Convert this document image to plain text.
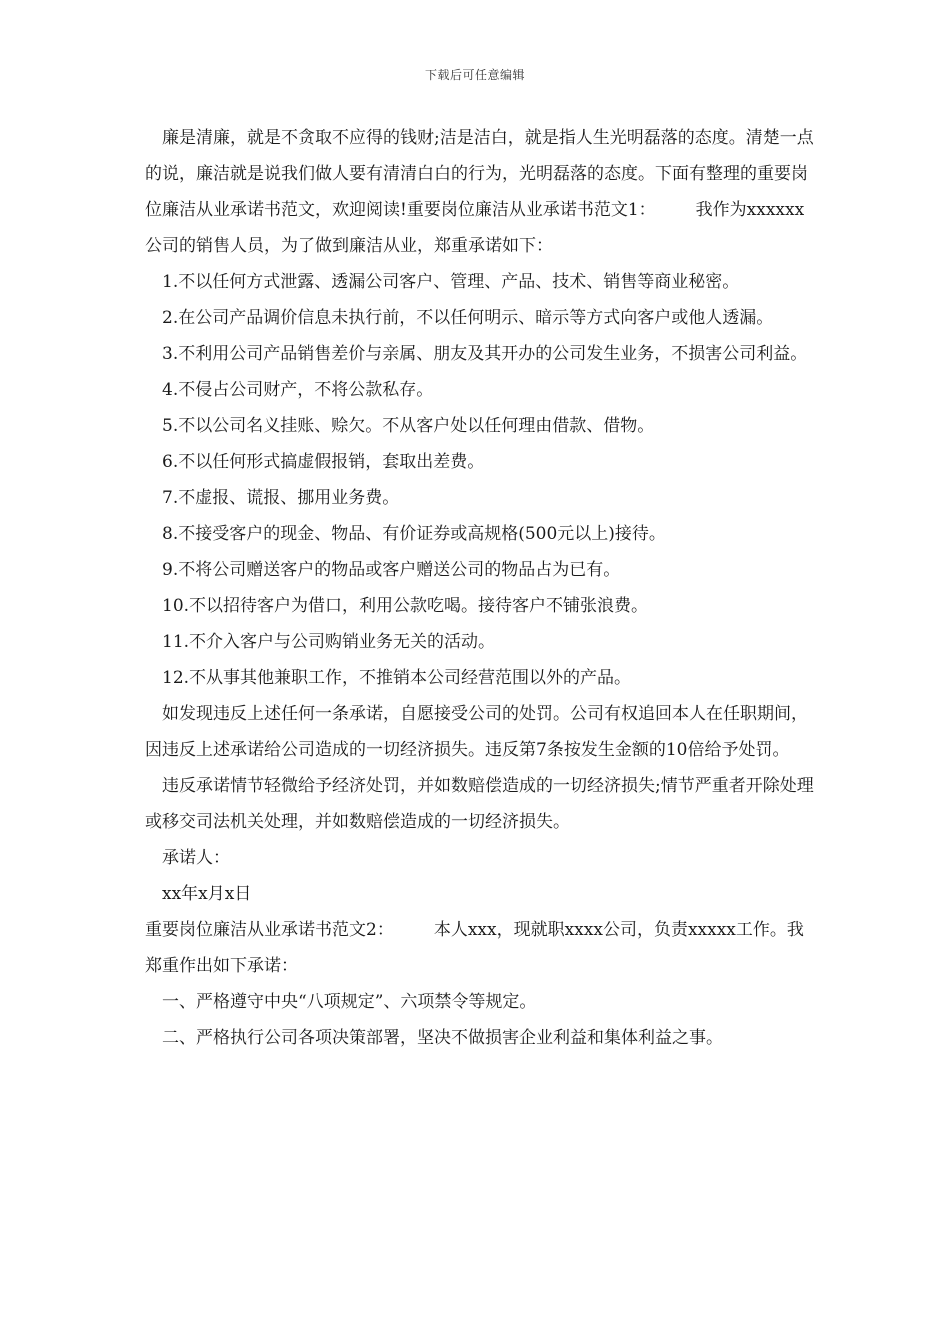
下载后可任意编辑

廉是清廉，就是不贪取不应得的钱财;洁是洁白，就是指人生光明磊落的态度。清楚一点的说，廉洁就是说我们做人要有清清白白的行为，光明磊落的态度。下面有整理的重要岗位廉洁从业承诺书范文，欢迎阅读!重要岗位廉洁从业承诺书范文1： 我作为xxxxxx公司的销售人员，为了做到廉洁从业，郑重承诺如下：

1.不以任何方式泄露、透漏公司客户、管理、产品、技术、销售等商业秘密。

2.在公司产品调价信息未执行前，不以任何明示、暗示等方式向客户或他人透漏。

3.不利用公司产品销售差价与亲属、朋友及其开办的公司发生业务，不损害公司利益。

4.不侵占公司财产，不将公款私存。

5.不以公司名义挂账、赊欠。不从客户处以任何理由借款、借物。

6.不以任何形式搞虚假报销，套取出差费。

7.不虚报、谎报、挪用业务费。

8.不接受客户的现金、物品、有价证券或高规格(500元以上)接待。

9.不将公司赠送客户的物品或客户赠送公司的物品占为已有。

10.不以招待客户为借口，利用公款吃喝。接待客户不铺张浪费。

11.不介入客户与公司购销业务无关的活动。

12.不从事其他兼职工作，不推销本公司经营范围以外的产品。

如发现违反上述任何一条承诺，自愿接受公司的处罚。公司有权追回本人在任职期间，因违反上述承诺给公司造成的一切经济损失。违反第7条按发生金额的10倍给予处罚。

违反承诺情节轻微给予经济处罚，并如数赔偿造成的一切经济损失;情节严重者开除处理或移交司法机关处理，并如数赔偿造成的一切经济损失。

承诺人：

xx年x月x日

重要岗位廉洁从业承诺书范文2： 本人xxx，现就职xxxx公司，负责xxxxx工作。我郑重作出如下承诺：

一、严格遵守中央“八项规定”、六项禁令等规定。

二、严格执行公司各项决策部署，坚决不做损害企业利益和集体利益之事。
